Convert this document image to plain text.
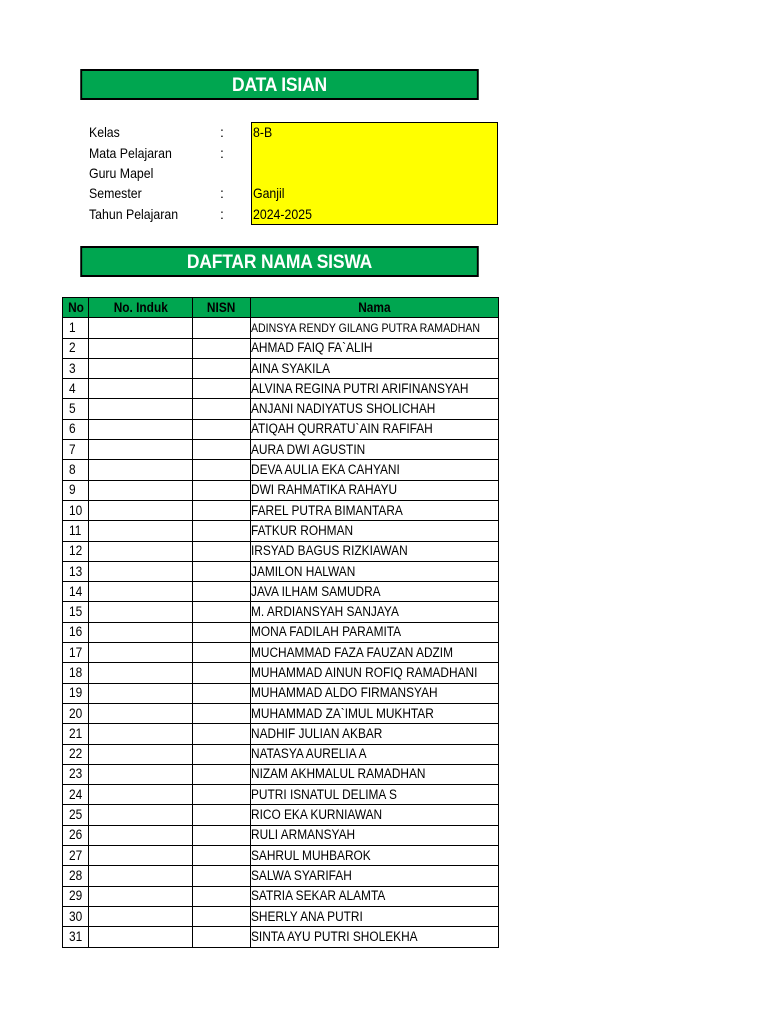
DATA ISIAN
Kelas	: 8-B
Mata Pelajaran	:
Guru Mapel
Semester	: Ganjil
Tahun Pelajaran	: 2024-2025
DAFTAR NAMA SISWA
No	No. Induk	NISN	Nama
1			ADINSYA RENDY GILANG PUTRA RAMADHAN
2			AHMAD FAIQ FA`ALIH
3			AINA SYAKILA
4			ALVINA REGINA PUTRI ARIFINANSYAH
5			ANJANI NADIYATUS SHOLICHAH
6			ATIQAH QURRATU`AIN RAFIFAH
7			AURA DWI AGUSTIN
8			DEVA AULIA EKA CAHYANI
9			DWI RAHMATIKA RAHAYU
10			FAREL PUTRA BIMANTARA
11			FATKUR ROHMAN
12			IRSYAD BAGUS RIZKIAWAN
13			JAMILON HALWAN
14			JAVA ILHAM SAMUDRA
15			M. ARDIANSYAH SANJAYA
16			MONA FADILAH PARAMITA
17			MUCHAMMAD FAZA FAUZAN ADZIM
18			MUHAMMAD AINUN ROFIQ RAMADHANI
19			MUHAMMAD ALDO FIRMANSYAH
20			MUHAMMAD ZA`IMUL MUKHTAR
21			NADHIF JULIAN AKBAR
22			NATASYA AURELIA A
23			NIZAM AKHMALUL RAMADHAN
24			PUTRI ISNATUL DELIMA S
25			RICO EKA KURNIAWAN
26			RULI ARMANSYAH
27			SAHRUL MUHBAROK
28			SALWA SYARIFAH
29			SATRIA SEKAR ALAMTA
30			SHERLY ANA PUTRI
31			SINTA AYU PUTRI SHOLEKHA
